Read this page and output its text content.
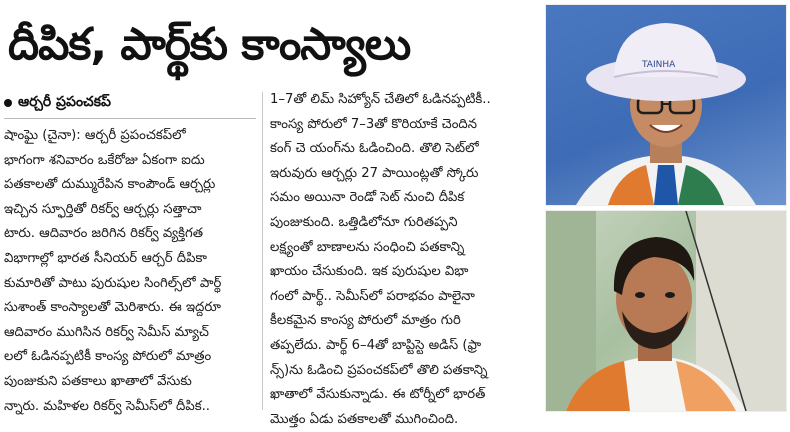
దీపిక, పార్థ్‌కు కాంస్యాలు
ఆర్చరీ ప్రపంచకప్
షాంఘై (చైనా): ఆర్చరీ ప్రపంచకప్‌లో
భాగంగా శనివారం ఒకేరోజు ఏకంగా ఐదు
పతకాలతో దుమ్మురేపిన కాంపౌండ్ ఆర్చర్లు
ఇచ్చిన స్ఫూర్తితో రికర్వ్ ఆర్చర్లు సత్తాచా
టారు. ఆదివారం జరిగిన రికర్వ్ వ్యక్తిగత
విభాగాల్లో భారత సీనియర్ ఆర్చర్ దీపికా
కుమారితో పాటు పురుషుల సింగిల్స్‌లో పార్థ్
సుశాంత్ కాంస్యాలతో మెరిశారు. ఈ ఇద్దరూ
ఆదివారం ముగిసిన రికర్వ్ సెమీస్ మ్యాచ్
లలో ఓడినప్పటికీ కాంస్య పోరులో మాత్రం
పుంజుకుని పతకాలు ఖాతాలో వేసుకు
న్నారు. మహిళల రికర్వ్ సెమీస్‌లో దీపిక..
1–7తో లిమ్ సిహ్యోన్ చేతిలో ఓడినప్పటికీ..
కాంస్య పోరులో 7–3తో కొరియాకే చెందిన
కంగ్ చె యంగ్‌ను ఓడించింది. తొలి సెట్‌లో
ఇరువురు ఆర్చర్లు 27 పాయింట్లతో స్కోరు
సమం అయినా రెండో సెట్ నుంచి దీపిక
పుంజుకుంది. ఒత్తిడిలోనూ గురితప్పని
లక్ష్యంతో బాణాలను సంధించి పతకాన్ని
ఖాయం చేసుకుంది. ఇక పురుషుల విభా
గంలో పార్థ్.. సెమీస్‌లో పరాభవం పాలైనా
కీలకమైన కాంస్య పోరులో మాత్రం గురి
తప్పలేదు. పార్థ్ 6–4తో బాప్టిస్టె అడిస్ (ఫ్రా
న్స్)ను ఓడించి ప్రపంచకప్‌లో తొలి పతకాన్ని
ఖాతాలో వేసుకున్నాడు. ఈ టోర్నీలో భారత్
మొత్తం ఏడు పతకాలతో ముగించింది.
TAINHA
